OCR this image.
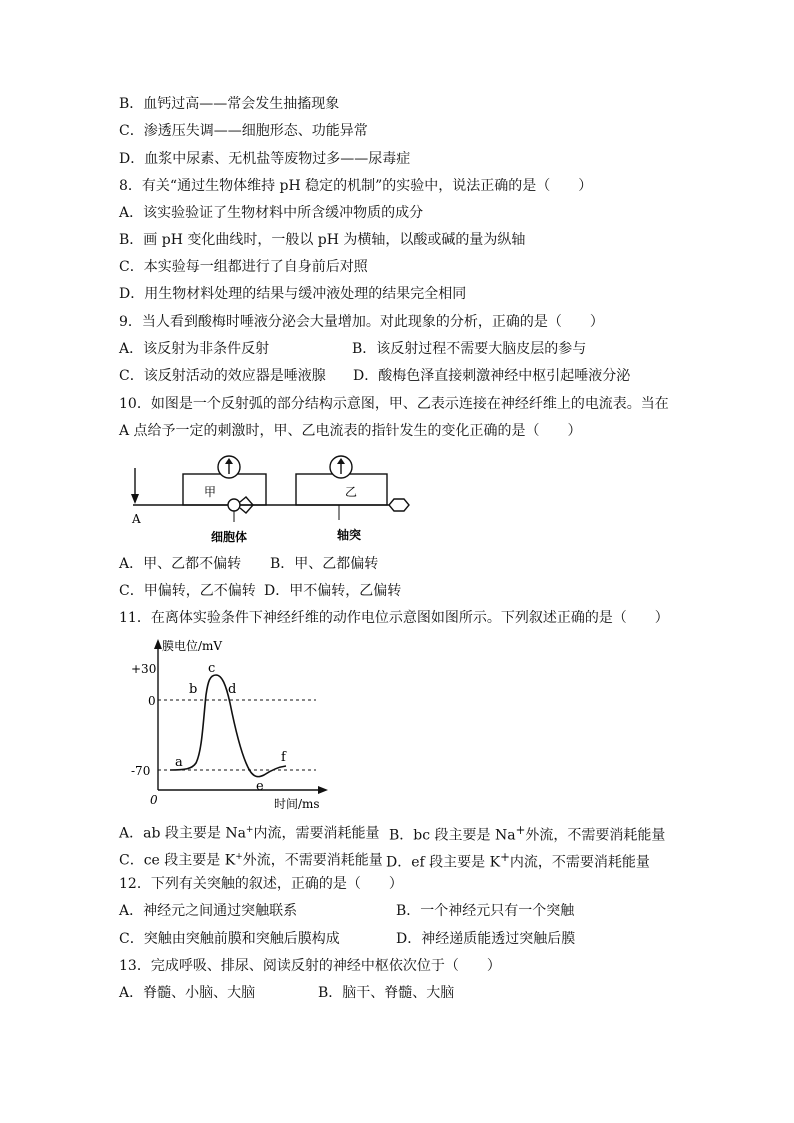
B．血钙过高——常会发生抽搐现象
C．渗透压失调——细胞形态、功能异常
D．血浆中尿素、无机盐等废物过多——尿毒症
8．有关“通过生物体维持 pH 稳定的机制”的实验中，说法正确的是（　　）
A．该实验验证了生物材料中所含缓冲物质的成分
B．画 pH 变化曲线时，一般以 pH 为横轴，以酸或碱的量为纵轴
C．本实验每一组都进行了自身前后对照
D．用生物材料处理的结果与缓冲液处理的结果完全相同
9．当人看到酸梅时唾液分泌会大量增加。对此现象的分析，正确的是（　　）
A．该反射为非条件反射	B．该反射过程不需要大脑皮层的参与
C．该反射活动的效应器是唾液腺 D．酸梅色泽直接刺激神经中枢引起唾液分泌
10．如图是一个反射弧的部分结构示意图，甲、乙表示连接在神经纤维上的电流表。当在
A 点给予一定的刺激时，甲、乙电流表的指针发生的变化正确的是（　　）
A
甲
细胞体
乙
轴突
A．甲、乙都不偏转 B．甲、乙都偏转
C．甲偏转，乙不偏转 D．甲不偏转，乙偏转
11．在离体实验条件下神经纤维的动作电位示意图如图所示。下列叙述正确的是（　　）
膜电位/mV
时间/ms
0
+30
0
-70
a
b
c
d
e
f
A．ab 段主要是 Na+内流，需要消耗能量 B．bc 段主要是 Na+外流，不需要消耗能量
C．ce 段主要是 K+外流，不需要消耗能量 D．ef 段主要是 K+内流，不需要消耗能量
12．下列有关突触的叙述，正确的是（　　）
A．神经元之间通过突触联系	B．一个神经元只有一个突触
C．突触由突触前膜和突触后膜构成	D．神经递质能透过突触后膜
13．完成呼吸、排尿、阅读反射的神经中枢依次位于（　　）
A．脊髓、小脑、大脑	B．脑干、脊髓、大脑
